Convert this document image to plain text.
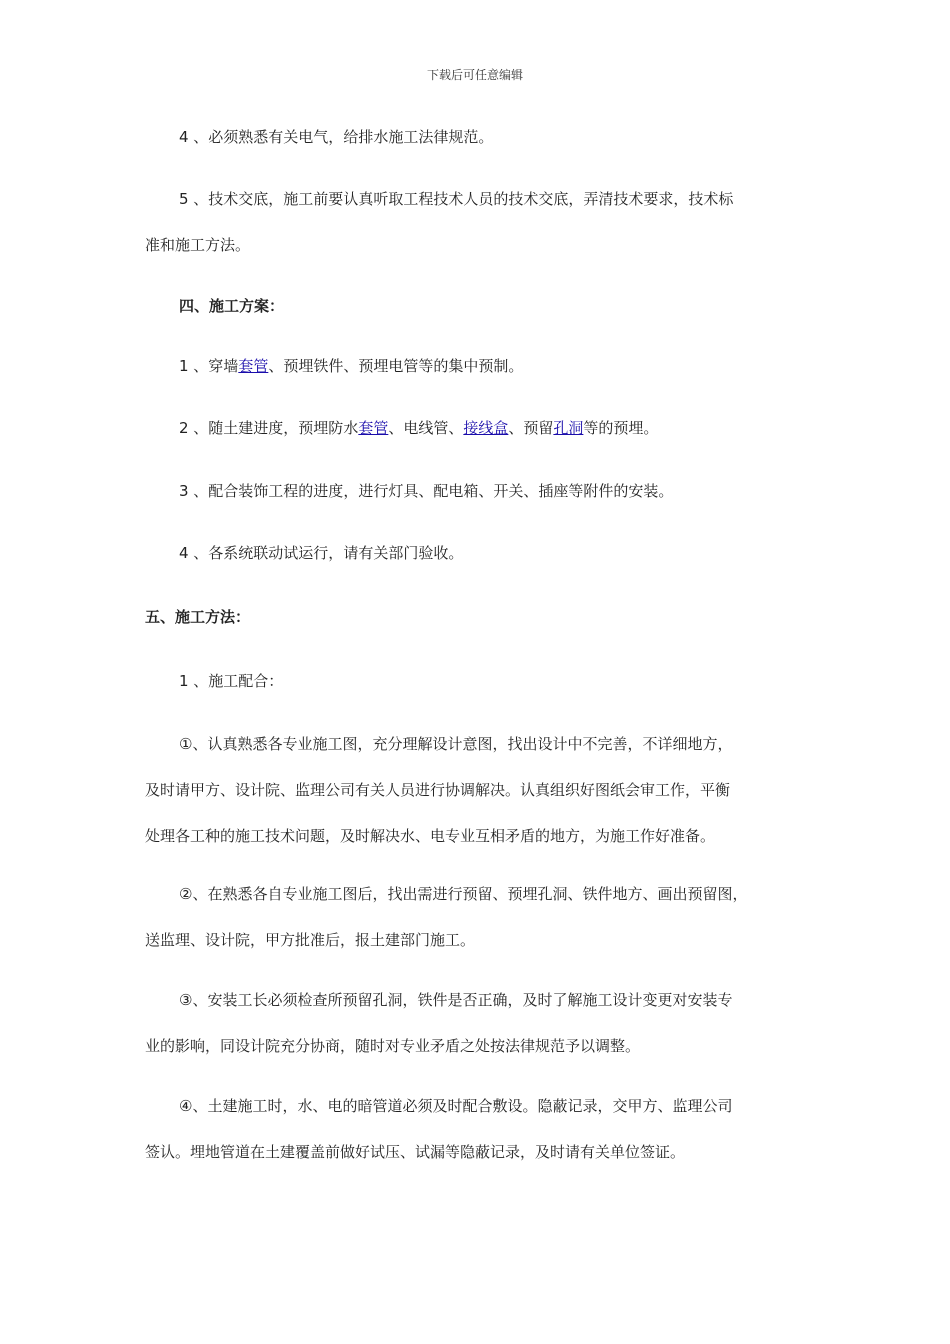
下载后可任意编辑

4 、必须熟悉有关电气，给排水施工法律规范。

5 、技术交底，施工前要认真听取工程技术人员的技术交底，弄清技术要求，技术标
准和施工方法。

四、施工方案：

1 、穿墙套管、预埋铁件、预埋电管等的集中预制。

2 、随土建进度，预埋防水套管、电线管、接线盒、预留孔洞等的预埋。

3 、配合装饰工程的进度，进行灯具、配电箱、开关、插座等附件的安装。

4 、各系统联动试运行，请有关部门验收。

五、施工方法：

1 、施工配合：

①、认真熟悉各专业施工图，充分理解设计意图，找出设计中不完善，不详细地方，
及时请甲方、设计院、监理公司有关人员进行协调解决。认真组织好图纸会审工作，平衡
处理各工种的施工技术问题，及时解决水、电专业互相矛盾的地方，为施工作好准备。

②、在熟悉各自专业施工图后，找出需进行预留、预埋孔洞、铁件地方、画出预留图，
送监理、设计院，甲方批准后，报土建部门施工。

③、安装工长必须检查所预留孔洞，铁件是否正确，及时了解施工设计变更对安装专
业的影响，同设计院充分协商，随时对专业矛盾之处按法律规范予以调整。

④、土建施工时，水、电的暗管道必须及时配合敷设。隐蔽记录，交甲方、监理公司
签认。埋地管道在土建覆盖前做好试压、试漏等隐蔽记录，及时请有关单位签证。
